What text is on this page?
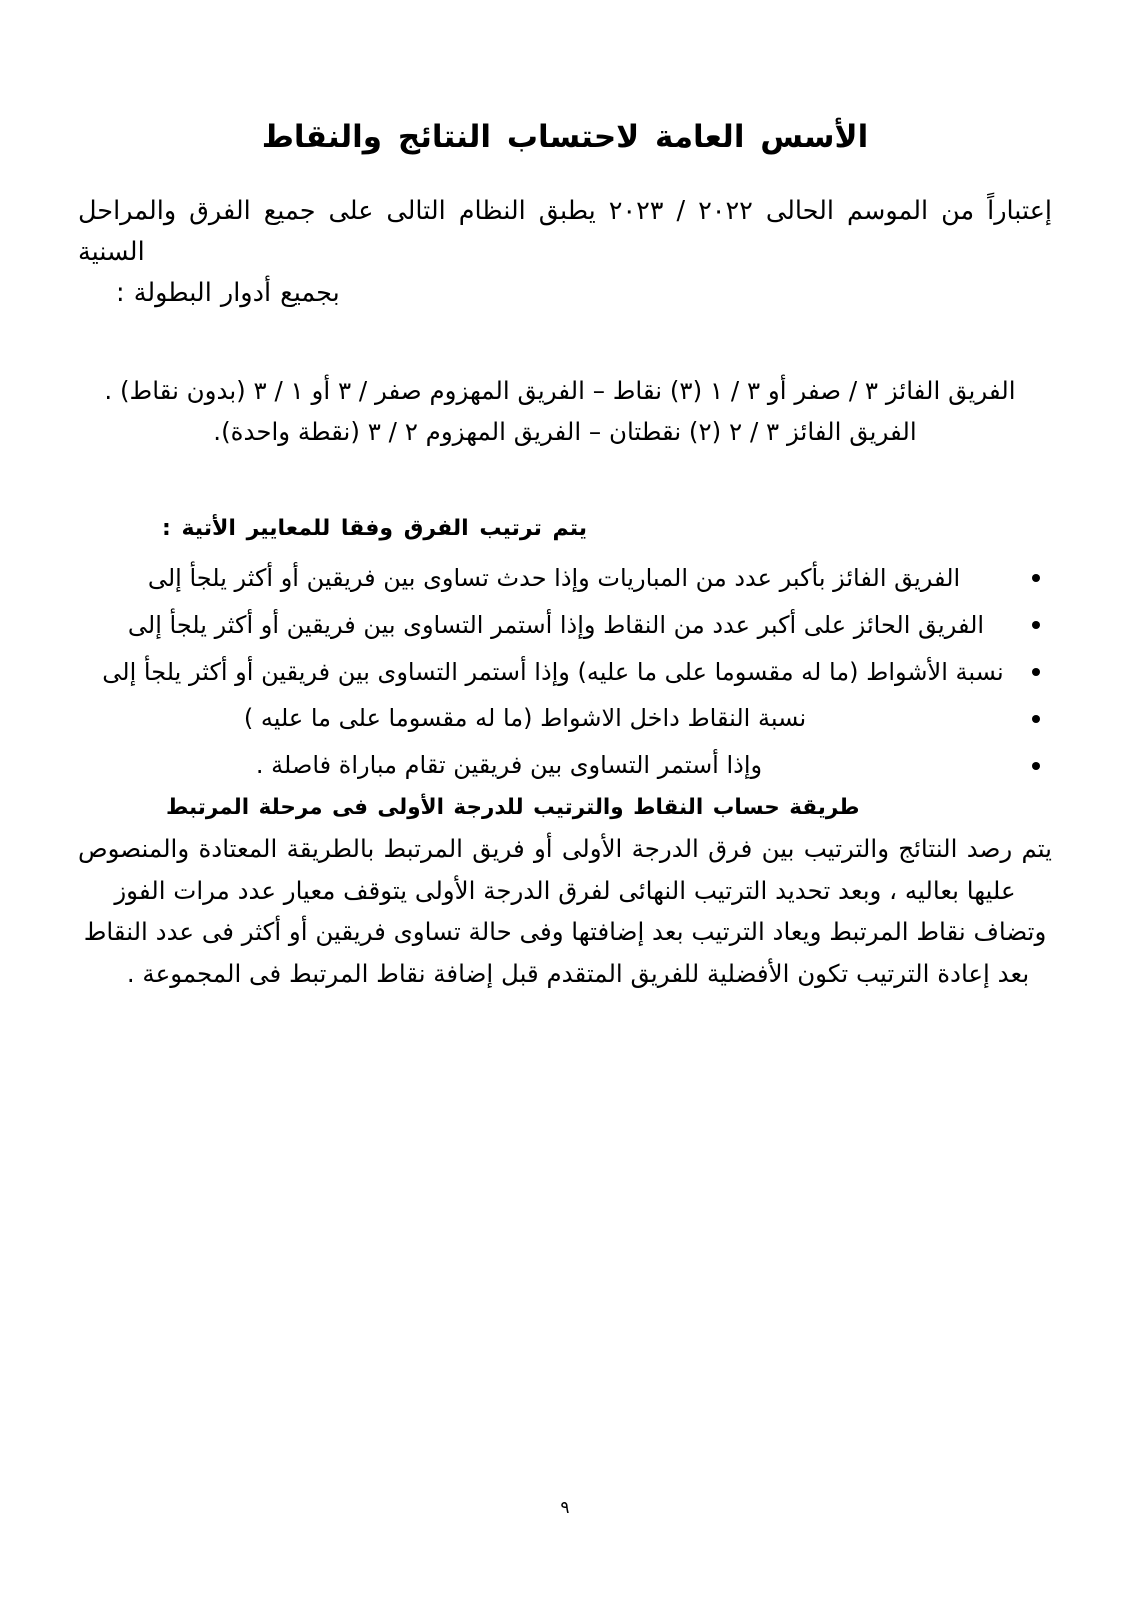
الأسس العامة لاحتساب النتائج والنقاط

إعتباراً من الموسم الحالى ٢٠٢٢ / ٢٠٢٣ يطبق النظام التالى على جميع الفرق والمراحل السنية
بجميع أدوار البطولة :

الفريق الفائز ٣ / صفر أو ٣ / ١ (٣) نقاط – الفريق المهزوم صفر / ٣ أو ١ / ٣ (بدون نقاط) .
الفريق الفائز ٣ / ٢ (٢) نقطتان – الفريق المهزوم ٢ / ٣ (نقطة واحدة).
يتم ترتيب الفرق وفقا للمعايير الأتية :
الفريق الفائز بأكبر عدد من المباريات وإذا حدث تساوى بين فريقين أو أكثر يلجأ إلى
الفريق الحائز على أكبر عدد من النقاط وإذا أستمر التساوى بين فريقين أو أكثر يلجأ إلى
نسبة الأشواط (ما له مقسوما على ما عليه) وإذا أستمر التساوى بين فريقين أو أكثر يلجأ إلى
نسبة النقاط داخل الاشواط (ما له مقسوما على ما عليه )
وإذا أستمر التساوى بين فريقين تقام مباراة فاصلة .
طريقة حساب النقاط والترتيب للدرجة الأولى فى مرحلة المرتبط

يتم رصد النتائج والترتيب بين فرق الدرجة الأولى أو فريق المرتبط بالطريقة المعتادة والمنصوص
عليها بعاليه ، وبعد تحديد الترتيب النهائى لفرق الدرجة الأولى يتوقف معيار عدد مرات الفوز
وتضاف نقاط المرتبط ويعاد الترتيب بعد إضافتها وفى حالة تساوى فريقين أو أكثر فى عدد النقاط
بعد إعادة الترتيب تكون الأفضلية للفريق المتقدم قبل إضافة نقاط المرتبط فى المجموعة .

٩
